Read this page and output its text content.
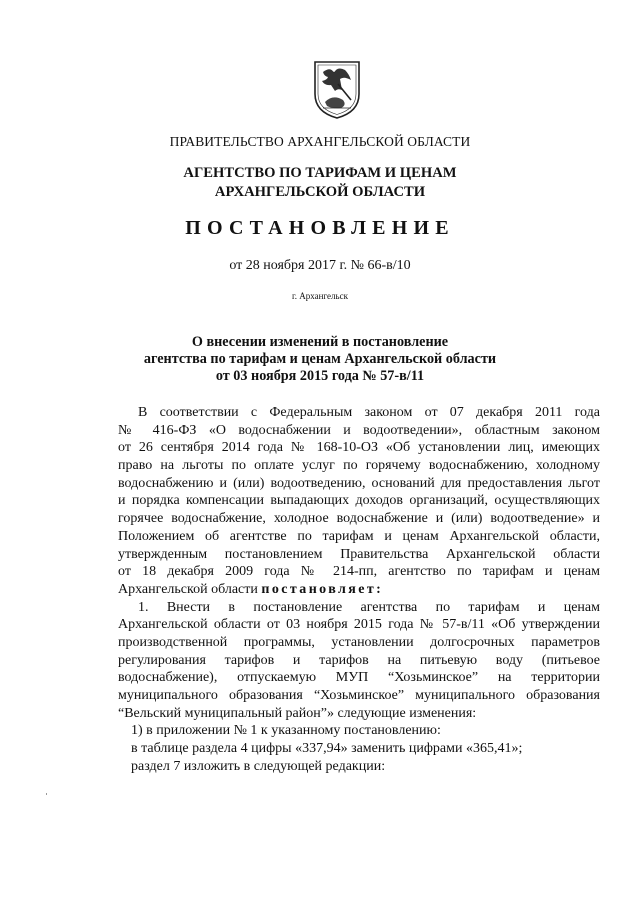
ПРАВИТЕЛЬСТВО АРХАНГЕЛЬСКОЙ ОБЛАСТИ
АГЕНТСТВО ПО ТАРИФАМ И ЦЕНАМ
АРХАНГЕЛЬСКОЙ ОБЛАСТИ
ПОСТАНОВЛЕНИЕ
от 28 ноября 2017 г. № 66-в/10
г. Архангельск
О внесении изменений в постановление
агентства по тарифам и ценам Архангельской области
от 03 ноября 2015 года № 57-в/11
В соответствии с Федеральным законом от 07 декабря 2011 года
№ 416-ФЗ «О водоснабжении и водоотведении», областным законом
от 26 сентября 2014 года № 168-10-ОЗ «Об установлении лиц, имеющих
право на льготы по оплате услуг по горячему водоснабжению, холодному
водоснабжению и (или) водоотведению, оснований для предоставления льгот
и порядка компенсации выпадающих доходов организаций, осуществляющих
горячее водоснабжение, холодное водоснабжение и (или) водоотведение» и
Положением об агентстве по тарифам и ценам Архангельской области,
утвержденным постановлением Правительства Архангельской области
от 18 декабря 2009 года № 214-пп, агентство по тарифам и ценам
Архангельской области постановляет:
1. Внести в постановление агентства по тарифам и ценам
Архангельской области от 03 ноября 2015 года № 57-в/11 «Об утверждении
производственной программы, установлении долгосрочных параметров
регулирования тарифов и тарифов на питьевую воду (питьевое
водоснабжение), отпускаемую МУП “Хозьминское” на территории
муниципального образования “Хозьминское” муниципального образования
“Вельский муниципальный район”» следующие изменения:
1) в приложении № 1 к указанному постановлению:
в таблице раздела 4 цифры «337,94» заменить цифрами «365,41»;
раздел 7 изложить в следующей редакции:
